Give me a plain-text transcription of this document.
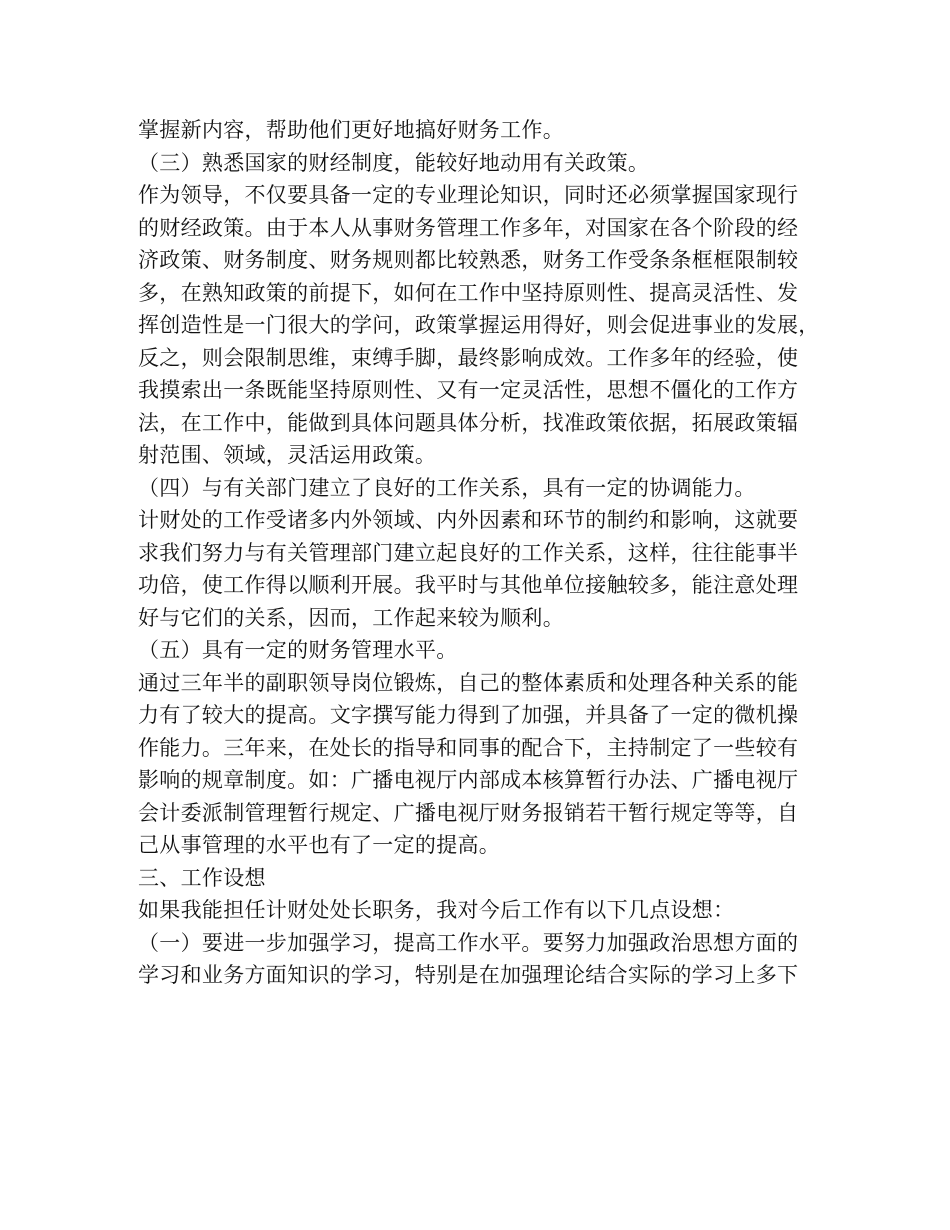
掌握新内容，帮助他们更好地搞好财务工作。
（三）熟悉国家的财经制度，能较好地动用有关政策。
作为领导，不仅要具备一定的专业理论知识，同时还必须掌握国家现行
的财经政策。由于本人从事财务管理工作多年，对国家在各个阶段的经
济政策、财务制度、财务规则都比较熟悉，财务工作受条条框框限制较
多，在熟知政策的前提下，如何在工作中坚持原则性、提高灵活性、发
挥创造性是一门很大的学问，政策掌握运用得好，则会促进事业的发展，
反之，则会限制思维，束缚手脚，最终影响成效。工作多年的经验，使
我摸索出一条既能坚持原则性、又有一定灵活性，思想不僵化的工作方
法，在工作中，能做到具体问题具体分析，找准政策依据，拓展政策辐
射范围、领域，灵活运用政策。
（四）与有关部门建立了良好的工作关系，具有一定的协调能力。
计财处的工作受诸多内外领域、内外因素和环节的制约和影响，这就要
求我们努力与有关管理部门建立起良好的工作关系，这样，往往能事半
功倍，使工作得以顺利开展。我平时与其他单位接触较多，能注意处理
好与它们的关系，因而，工作起来较为顺利。
（五）具有一定的财务管理水平。
通过三年半的副职领导岗位锻炼，自己的整体素质和处理各种关系的能
力有了较大的提高。文字撰写能力得到了加强，并具备了一定的微机操
作能力。三年来，在处长的指导和同事的配合下，主持制定了一些较有
影响的规章制度。如：广播电视厅内部成本核算暂行办法、广播电视厅
会计委派制管理暂行规定、广播电视厅财务报销若干暂行规定等等，自
己从事管理的水平也有了一定的提高。
三、工作设想
如果我能担任计财处处长职务，我对今后工作有以下几点设想：
（一）要进一步加强学习，提高工作水平。要努力加强政治思想方面的
学习和业务方面知识的学习，特别是在加强理论结合实际的学习上多下
